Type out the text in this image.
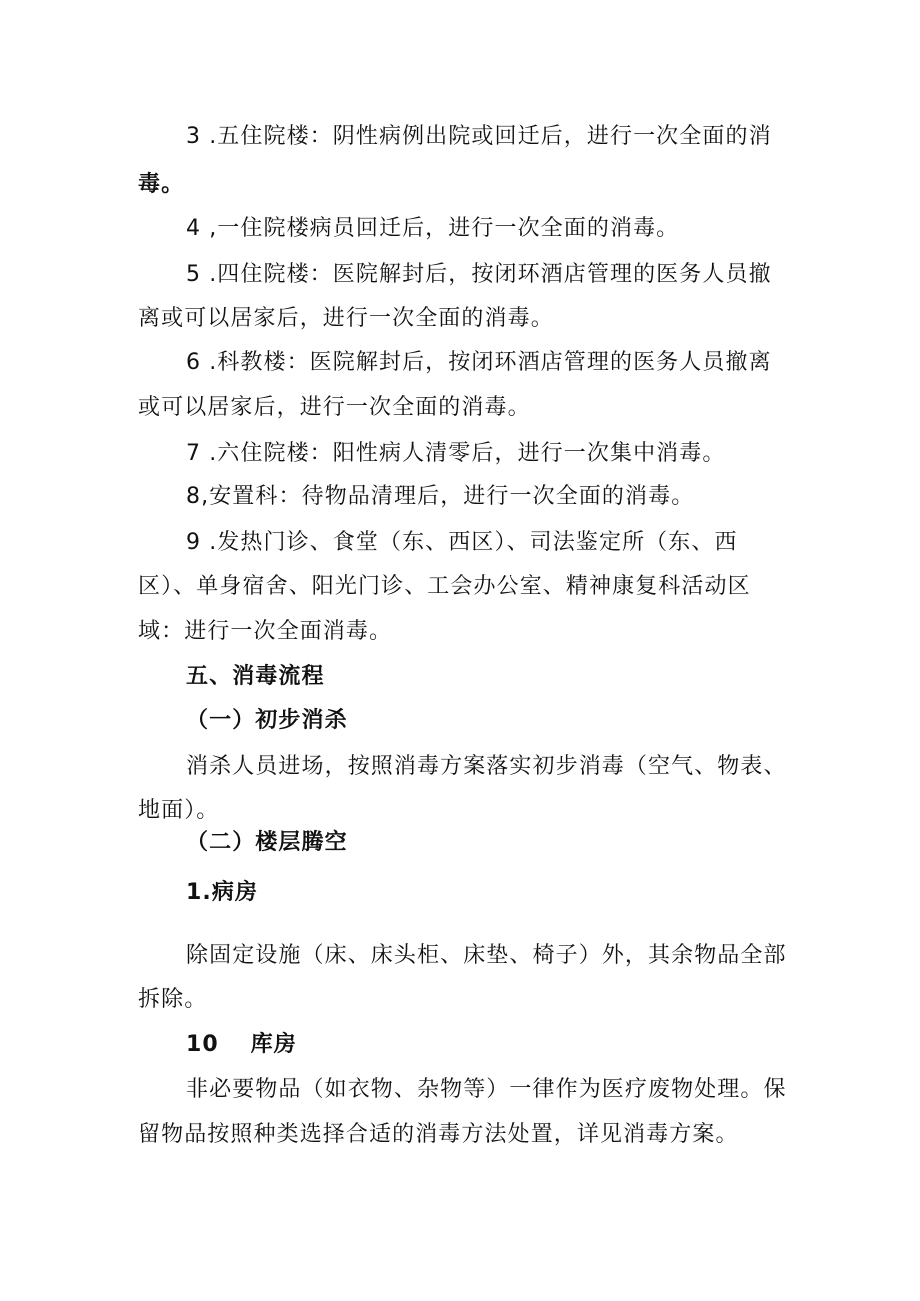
3 .五住院楼：阴性病例出院或回迁后，进行一次全面的消
毒。
4 ,一住院楼病员回迁后，进行一次全面的消毒。
5 .四住院楼：医院解封后，按闭环酒店管理的医务人员撤
离或可以居家后，进行一次全面的消毒。
6 .科教楼：医院解封后，按闭环酒店管理的医务人员撤离
或可以居家后，进行一次全面的消毒。
7 .六住院楼：阳性病人清零后，进行一次集中消毒。
8,安置科：待物品清理后，进行一次全面的消毒。
9 .发热门诊、食堂（东、西区）、司法鉴定所（东、西
区）、单身宿舍、阳光门诊、工会办公室、精神康复科活动区
域：进行一次全面消毒。
五、消毒流程
（一）初步消杀
消杀人员进场，按照消毒方案落实初步消毒（空气、物表、
地面）。
（二）楼层腾空
1.病房
除固定设施（床、床头柜、床垫、椅子）外，其余物品全部
拆除。
10　 库房
非必要物品（如衣物、杂物等）一律作为医疗废物处理。保
留物品按照种类选择合适的消毒方法处置，详见消毒方案。
